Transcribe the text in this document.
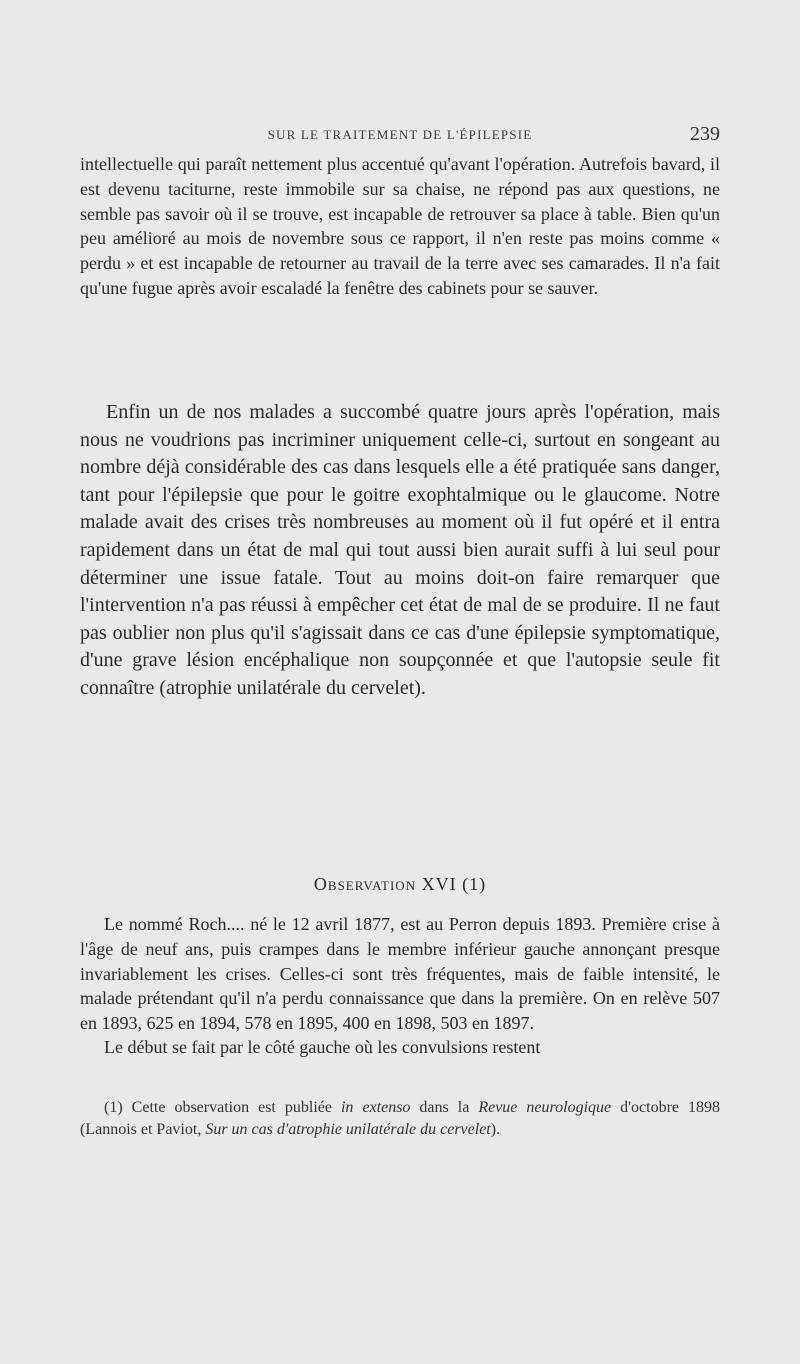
SUR LE TRAITEMENT DE L'ÉPILEPSIE	239

intellectuelle qui paraît nettement plus accentué qu'avant l'opération. Autrefois bavard, il est devenu taciturne, reste immobile sur sa chaise, ne répond pas aux questions, ne semble pas savoir où il se trouve, est incapable de retrouver sa place à table. Bien qu'un peu amélioré au mois de novembre sous ce rapport, il n'en reste pas moins comme « perdu » et est incapable de retourner au travail de la terre avec ses camarades. Il n'a fait qu'une fugue après avoir escaladé la fenêtre des cabinets pour se sauver.

Enfin un de nos malades a succombé quatre jours après l'opération, mais nous ne voudrions pas incriminer uniquement celle-ci, surtout en songeant au nombre déjà considérable des cas dans lesquels elle a été pratiquée sans danger, tant pour l'épilepsie que pour le goitre exophtalmique ou le glaucome. Notre malade avait des crises très nombreuses au moment où il fut opéré et il entra rapidement dans un état de mal qui tout aussi bien aurait suffi à lui seul pour déterminer une issue fatale. Tout au moins doit-on faire remarquer que l'intervention n'a pas réussi à empêcher cet état de mal de se produire. Il ne faut pas oublier non plus qu'il s'agissait dans ce cas d'une épilepsie symptomatique, d'une grave lésion encéphalique non soupçonnée et que l'autopsie seule fit connaître (atrophie unilatérale du cervelet).

Observation XVI (1)

Le nommé Roch.... né le 12 avril 1877, est au Perron depuis 1893. Première crise à l'âge de neuf ans, puis crampes dans le membre inférieur gauche annonçant presque invariablement les crises. Celles-ci sont très fréquentes, mais de faible intensité, le malade prétendant qu'il n'a perdu connaissance que dans la première. On en relève 507 en 1893, 625 en 1894, 578 en 1895, 400 en 1898, 503 en 1897.

Le début se fait par le côté gauche où les convulsions restent

(1) Cette observation est publiée in extenso dans la Revue neurologique d'octobre 1898 (Lannois et Paviot, Sur un cas d'atrophie unilatérale du cervelet).
